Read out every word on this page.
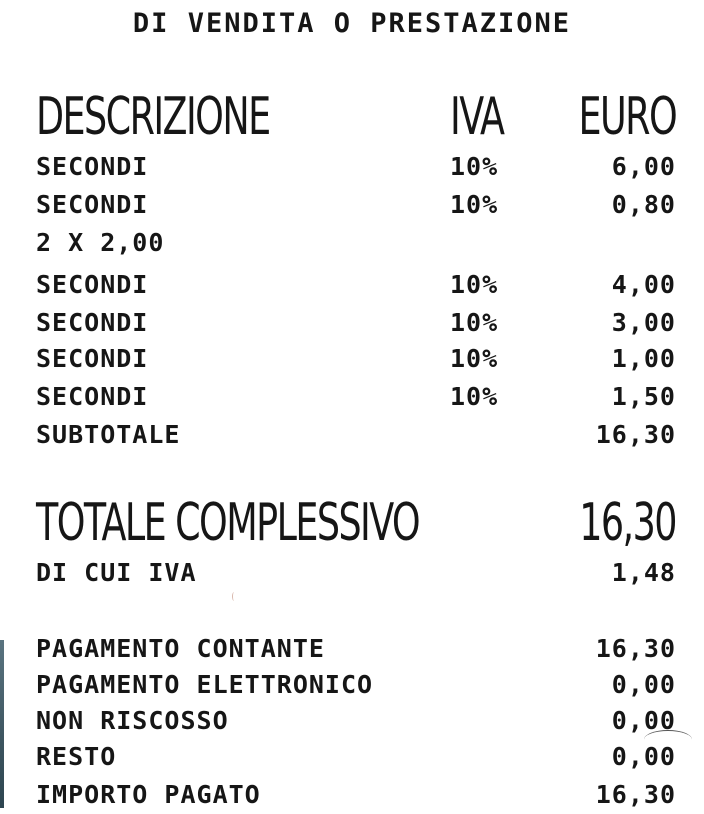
DI VENDITA O PRESTAZIONE
DESCRIZIONE	IVA EURO
SECONDI	10%	6,00
SECONDI	10%	0,80
2 X 2,00
SECONDI	10%	4,00
SECONDI	10%	3,00
SECONDI	10%	1,00
SECONDI	10%	1,50
SUBTOTALE	16,30
TOTALE COMPLESSIVO	16,30
DI CUI IVA	1,48
PAGAMENTO CONTANTE	16,30
PAGAMENTO ELETTRONICO	0,00
NON RISCOSSO	0,00
RESTO	0,00
IMPORTO PAGATO	16,30
